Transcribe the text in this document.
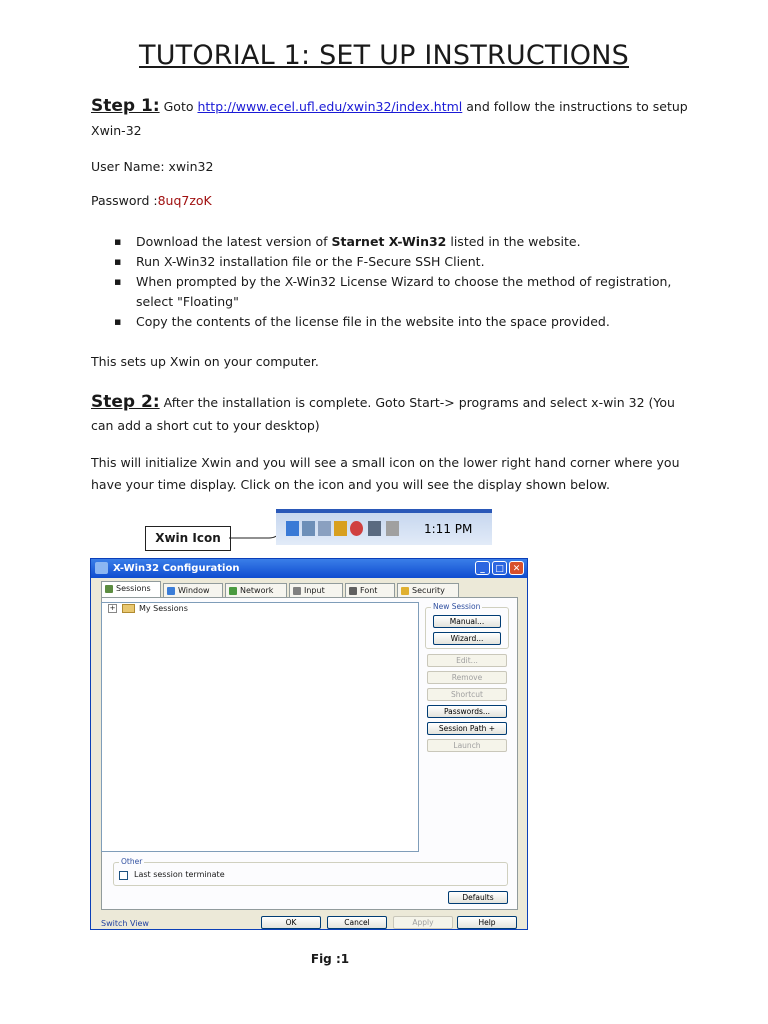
TUTORIAL 1: SET UP INSTRUCTIONS
Step 1: Goto http://www.ecel.ufl.edu/xwin32/index.html and follow the instructions to setup
Xwin-32
User Name: xwin32
Password :8uq7zoK
▪ Download the latest version of Starnet X-Win32 listed in the website.
▪ Run X-Win32 installation file or the F-Secure SSH Client.
▪ When prompted by the X-Win32 License Wizard to choose the method of registration, select "Floating"
▪ Copy the contents of the license file in the website into the space provided.
This sets up Xwin on your computer.
Step 2: After the installation is complete. Goto Start-> programs and select x-win 32 (You can add a short cut to your desktop)
This will initialize Xwin and you will see a small icon on the lower right hand corner where you have your time display. Click on the icon and you will see the display shown below.
Xwin Icon
1:11 PM
X-Win32 Configuration	_	□ ✕
Sessions	Window	Network	Input	Font	Security
+	My Sessions	New Session
Manual...
Wizard...
Edit...
Remove
Shortcut
Passwords...
Session Path +
Launch
Other
Last session terminate
Defaults
Switch View	OK	Cancel	Apply	Help
Fig :1
